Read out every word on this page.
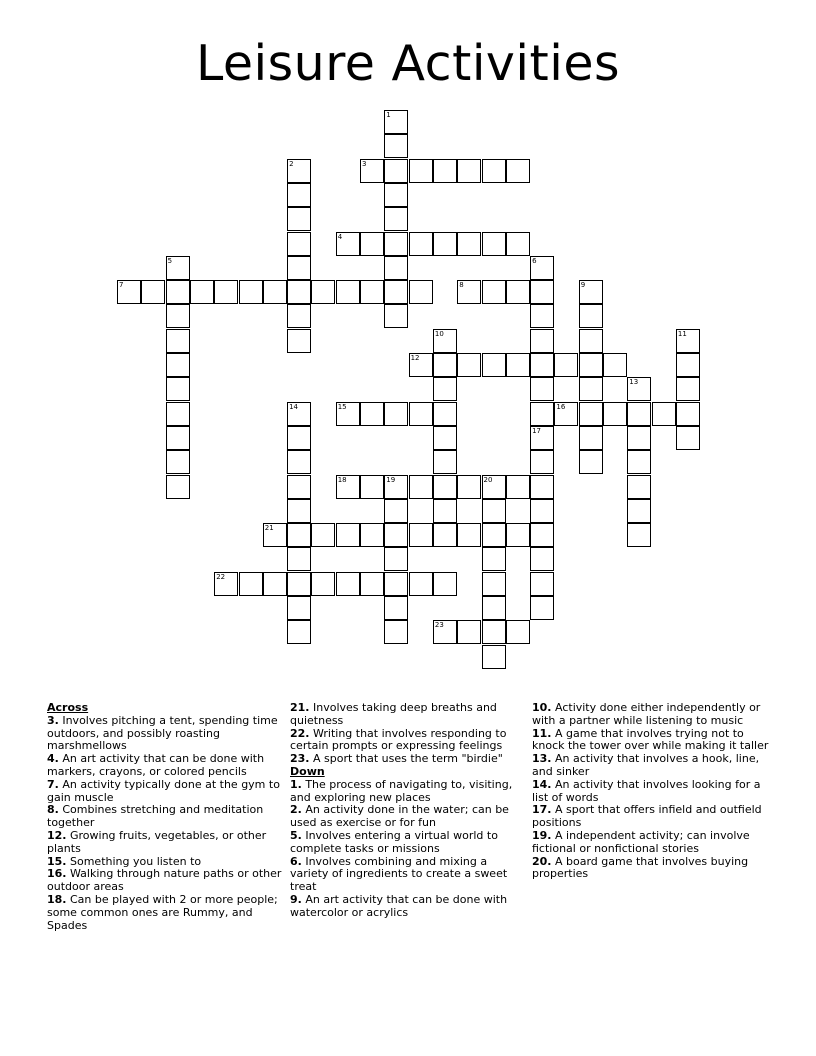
Leisure Activities
3
4
7	8
12
15	16
18	19	20
21
22
23
1
2
5	6
17
9
10	11
13
14
Across
3. Involves pitching a tent, spending time outdoors, and possibly roasting marshmellows
4. An art activity that can be done with markers, crayons, or colored pencils
7. An activity typically done at the gym to gain muscle
8. Combines stretching and meditation together
12. Growing fruits, vegetables, or other plants
15. Something you listen to
16. Walking through nature paths or other outdoor areas
18. Can be played with 2 or more people; some common ones are Rummy, and Spades
21. Involves taking deep breaths and quietness
22. Writing that involves responding to certain prompts or expressing feelings
23. A sport that uses the term "birdie"
Down
1. The process of navigating to, visiting, and exploring new places
2. An activity done in the water; can be used as exercise or for fun
5. Involves entering a virtual world to complete tasks or missions
6. Involves combining and mixing a variety of ingredients to create a sweet treat
9. An art activity that can be done with watercolor or acrylics
10. Activity done either independently or with a partner while listening to music
11. A game that involves trying not to knock the tower over while making it taller
13. An activity that involves a hook, line, and sinker
14. An activity that involves looking for a list of words
17. A sport that offers infield and outfield positions
19. A independent activity; can involve fictional or nonfictional stories
20. A board game that involves buying properties
